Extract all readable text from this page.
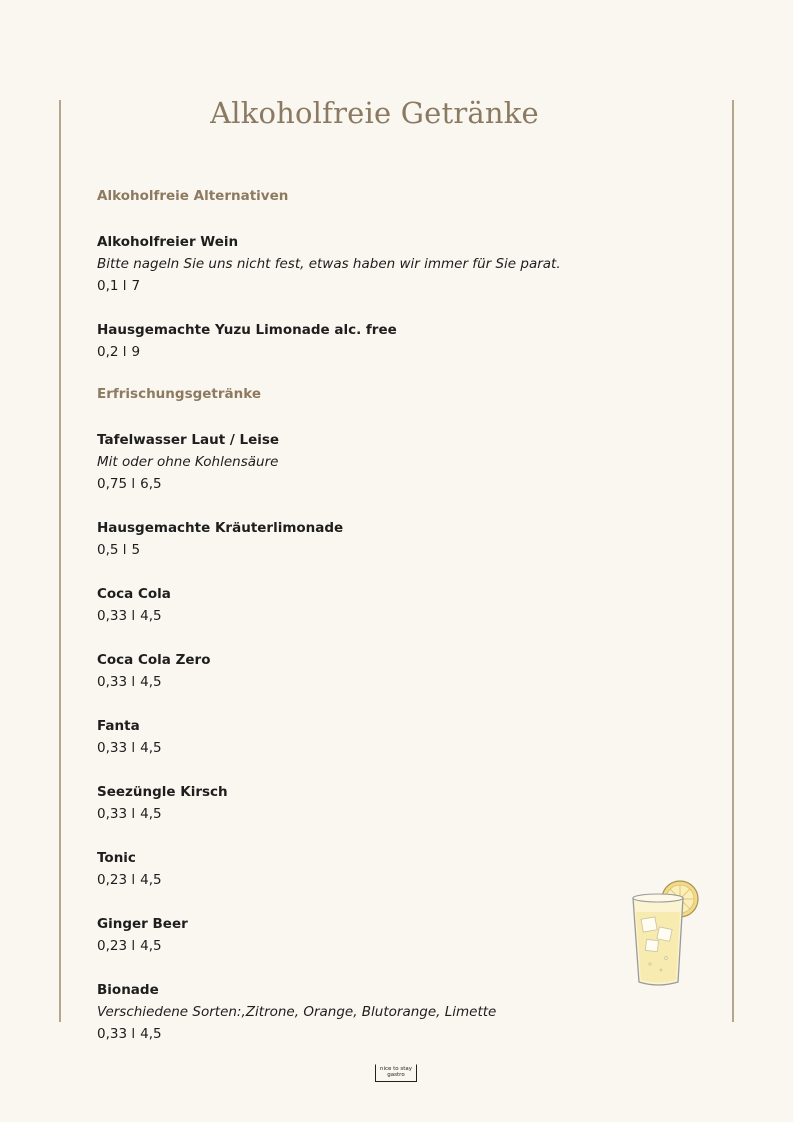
Alkoholfreie Getränke
Alkoholfreie Alternativen
Alkoholfreier Wein
Bitte nageln Sie uns nicht fest, etwas haben wir immer für Sie parat.
0,1 l 7
Hausgemachte Yuzu Limonade alc. free
0,2 l 9
Erfrischungsgetränke
Tafelwasser Laut / Leise
Mit oder ohne Kohlensäure
0,75 l 6,5
Hausgemachte Kräuterlimonade
0,5 l 5
Coca Cola
0,33 l 4,5
Coca Cola Zero
0,33 l 4,5
Fanta
0,33 l 4,5
Seezüngle Kirsch
0,33 l 4,5
Tonic
0,23 l 4,5
Ginger Beer
0,23 l 4,5
Bionade
Verschiedene Sorten:,Zitrone, Orange, Blutorange, Limette
0,33 l 4,5
nice to stay
gastro
